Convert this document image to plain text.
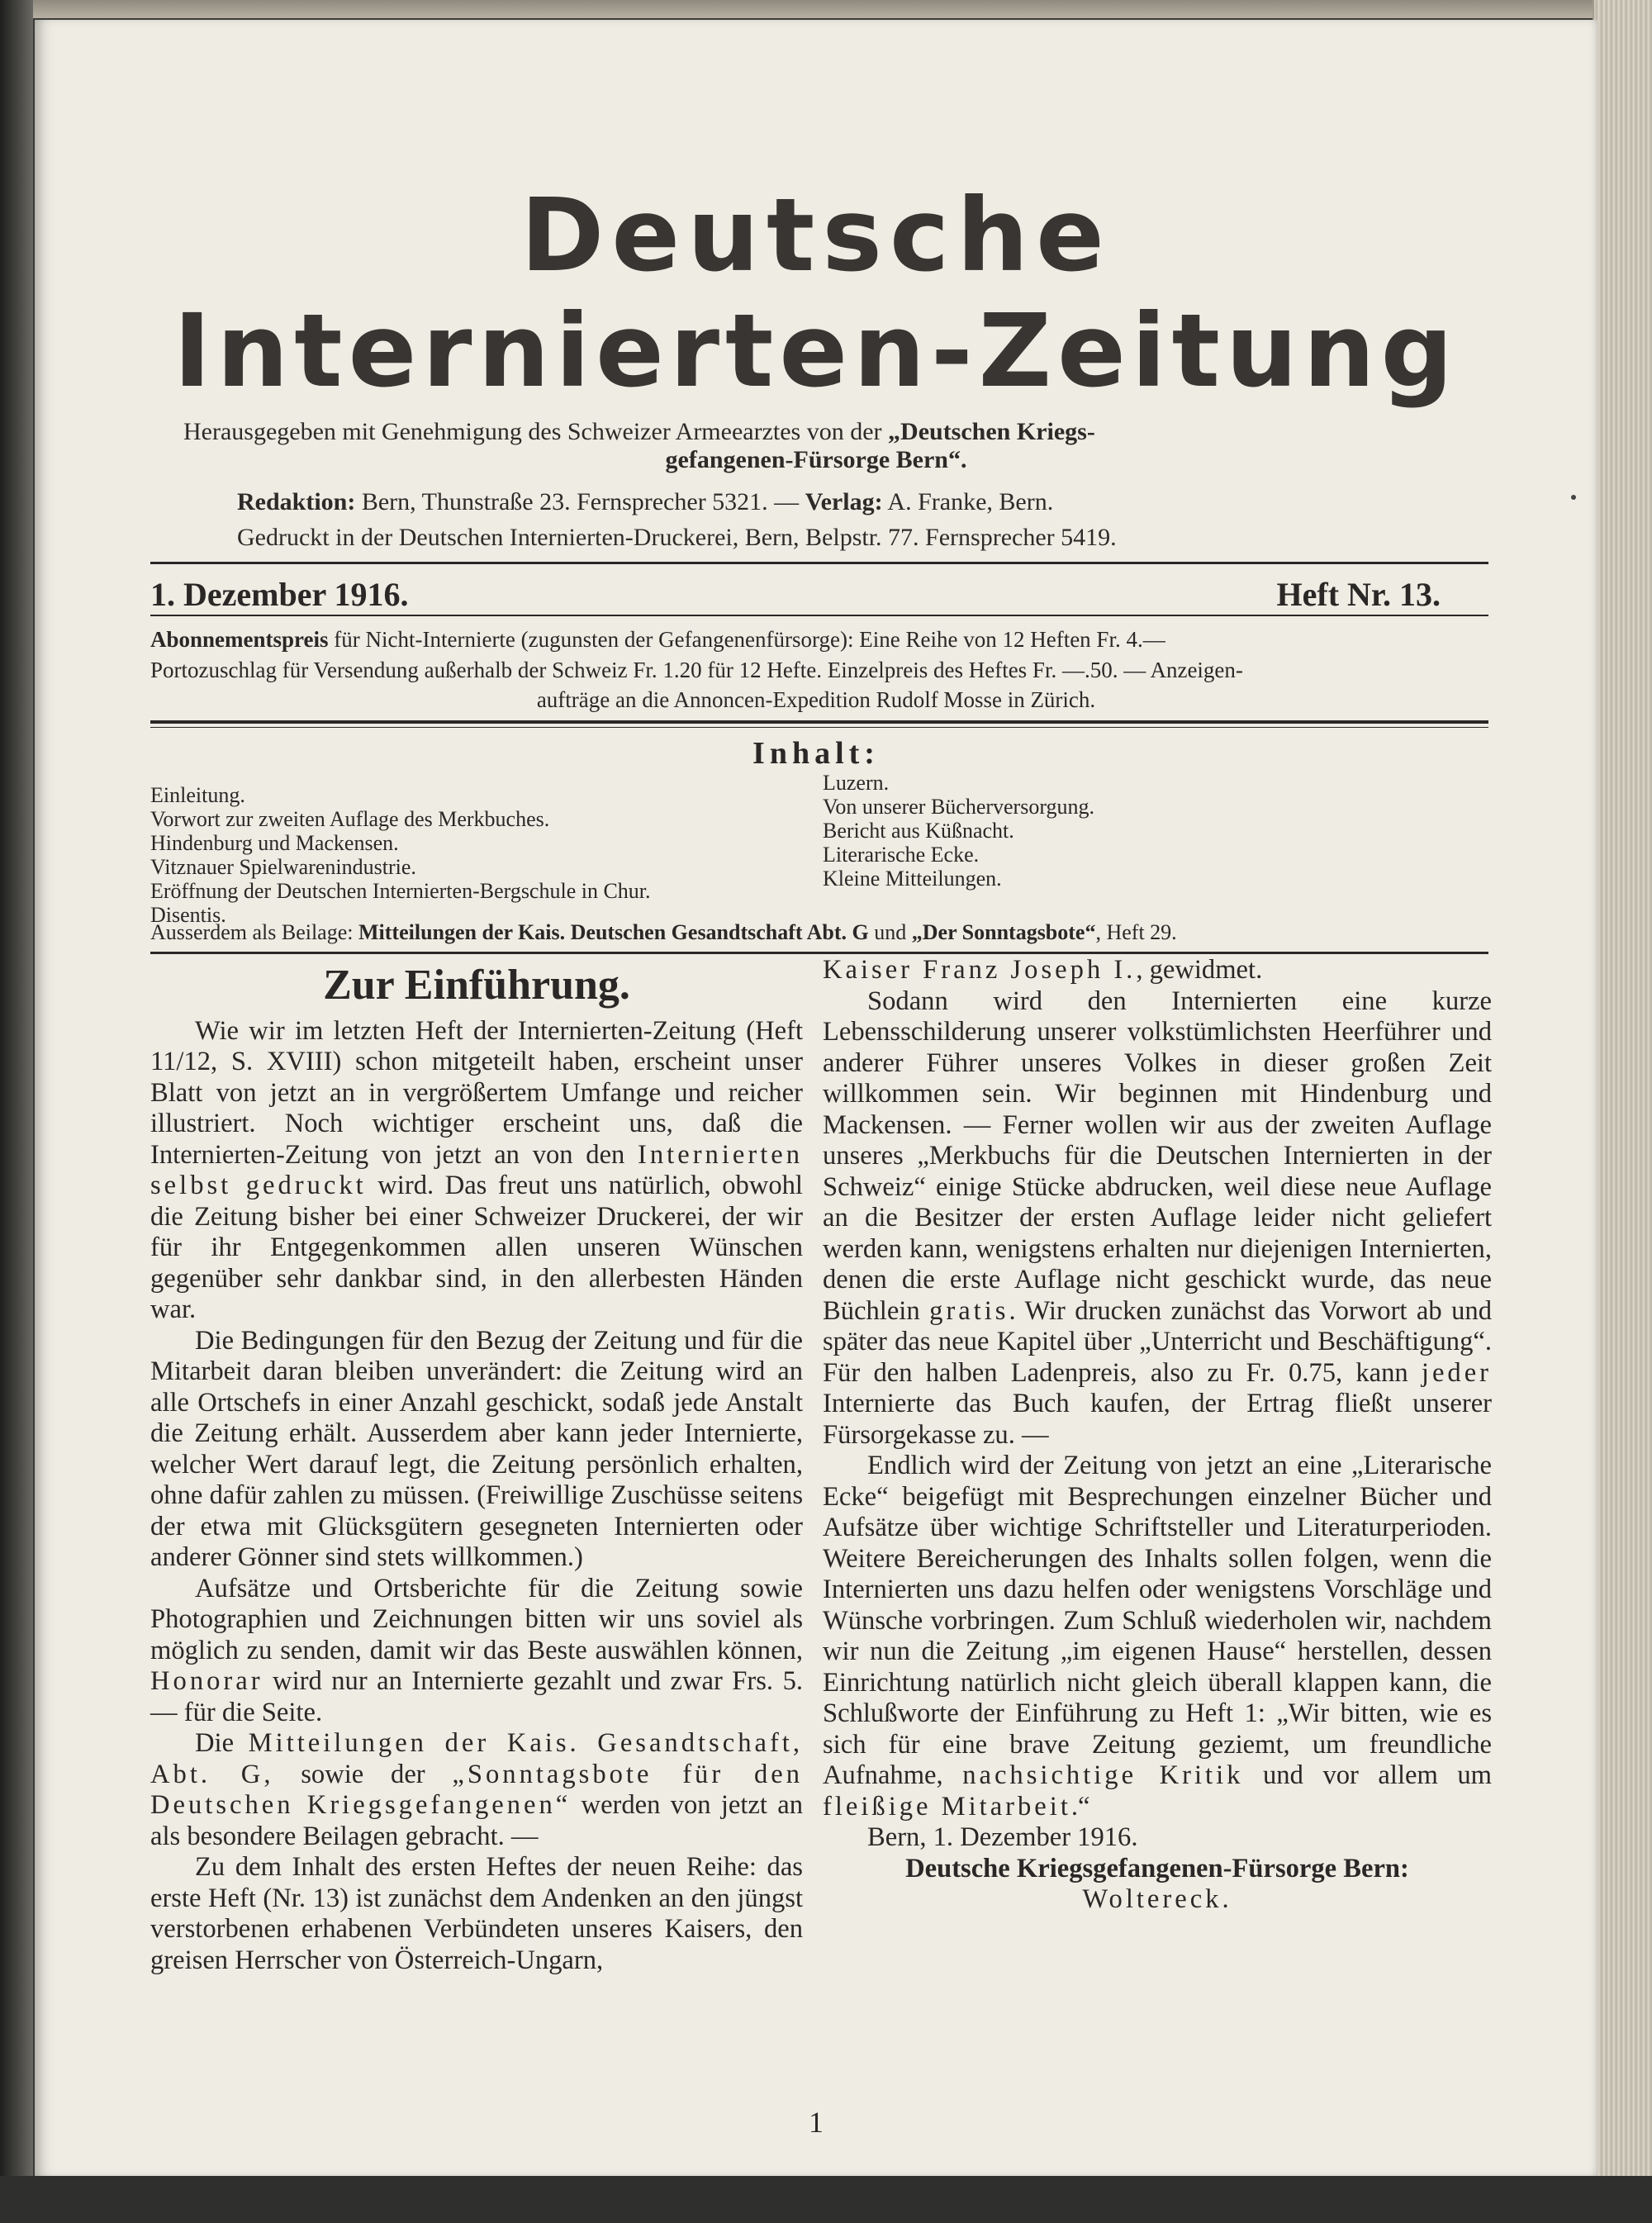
Deutsche
Internierten-Zeitung
Herausgegeben mit Genehmigung des Schweizer Armeearztes von der „Deutschen Kriegs-
gefangenen-Fürsorge Bern“.
Redaktion: Bern, Thunstraße 23. Fernsprecher 5321. — Verlag: A. Franke, Bern.
Gedruckt in der Deutschen Internierten-Druckerei, Bern, Belpstr. 77. Fernsprecher 5419.
1. Dezember 1916.	Heft Nr. 13.
Abonnementspreis für Nicht-Internierte (zugunsten der Gefangenenfürsorge): Eine Reihe von 12 Heften Fr. 4.—
Portozuschlag für Versendung außerhalb der Schweiz Fr. 1.20 für 12 Hefte. Einzelpreis des Heftes Fr. —.50. — Anzeigen-
aufträge an die Annoncen-Expedition Rudolf Mosse in Zürich.
Inhalt:
Einleitung.
Vorwort zur zweiten Auflage des Merkbuches.
Hindenburg und Mackensen.
Vitznauer Spielwarenindustrie.
Eröffnung der Deutschen Internierten-Bergschule in Chur.
Disentis.
Luzern.
Von unserer Bücherversorgung.
Bericht aus Küßnacht.
Literarische Ecke.
Kleine Mitteilungen.
Ausserdem als Beilage: Mitteilungen der Kais. Deutschen Gesandtschaft Abt. G und „Der Sonntagsbote“, Heft 29.
Zur Einführung.

Wie wir im letzten Heft der Internierten-Zeitung (Heft 11/12, S. XVIII) schon mitgeteilt haben, erscheint unser Blatt von jetzt an in vergrößertem Umfange und reicher illustriert. Noch wichtiger erscheint uns, daß die Internierten-Zeitung von jetzt an von den Internierten selbst gedruckt wird. Das freut uns natürlich, obwohl die Zeitung bisher bei einer Schweizer Druckerei, der wir für ihr Entgegenkommen allen unseren Wünschen gegenüber sehr dankbar sind, in den allerbesten Händen war.

Die Bedingungen für den Bezug der Zeitung und für die Mitarbeit daran bleiben unverändert: die Zeitung wird an alle Ortschefs in einer Anzahl geschickt, sodaß jede Anstalt die Zeitung erhält. Ausserdem aber kann jeder Internierte, welcher Wert darauf legt, die Zeitung persönlich erhalten, ohne dafür zahlen zu müssen. (Freiwillige Zuschüsse seitens der etwa mit Glücksgütern gesegneten Internierten oder anderer Gönner sind stets willkommen.)

Aufsätze und Ortsberichte für die Zeitung sowie Photographien und Zeichnungen bitten wir uns soviel als möglich zu senden, damit wir das Beste auswählen können, Honorar wird nur an Internierte gezahlt und zwar Frs. 5.— für die Seite.

Die Mitteilungen der Kais. Gesandtschaft, Abt. G, sowie der „Sonntagsbote für den Deutschen Kriegsgefangenen“ werden von jetzt an als besondere Beilagen gebracht. —

Zu dem Inhalt des ersten Heftes der neuen Reihe: das erste Heft (Nr. 13) ist zunächst dem Andenken an den jüngst verstorbenen erhabenen Verbündeten unseres Kaisers, den greisen Herrscher von Österreich-Ungarn,

Kaiser Franz Joseph I., gewidmet.

Sodann wird den Internierten eine kurze Lebensschilderung unserer volkstümlichsten Heerführer und anderer Führer unseres Volkes in dieser großen Zeit willkommen sein. Wir beginnen mit Hindenburg und Mackensen. — Ferner wollen wir aus der zweiten Auflage unseres „Merkbuchs für die Deutschen Internierten in der Schweiz“ einige Stücke abdrucken, weil diese neue Auflage an die Besitzer der ersten Auflage leider nicht geliefert werden kann, wenigstens erhalten nur diejenigen Internierten, denen die erste Auflage nicht geschickt wurde, das neue Büchlein gratis. Wir drucken zunächst das Vorwort ab und später das neue Kapitel über „Unterricht und Beschäftigung“. Für den halben Ladenpreis, also zu Fr. 0.75, kann jeder Internierte das Buch kaufen, der Ertrag fließt unserer Fürsorgekasse zu. —

Endlich wird der Zeitung von jetzt an eine „Literarische Ecke“ beigefügt mit Besprechungen einzelner Bücher und Aufsätze über wichtige Schriftsteller und Literaturperioden. Weitere Bereicherungen des Inhalts sollen folgen, wenn die Internierten uns dazu helfen oder wenigstens Vorschläge und Wünsche vorbringen. Zum Schluß wiederholen wir, nachdem wir nun die Zeitung „im eigenen Hause“ herstellen, dessen Einrichtung natürlich nicht gleich überall klappen kann, die Schlußworte der Einführung zu Heft 1: „Wir bitten, wie es sich für eine brave Zeitung geziemt, um freundliche Aufnahme, nachsichtige Kritik und vor allem um fleißige Mitarbeit.“

Bern, 1. Dezember 1916.

Deutsche Kriegsgefangenen-Fürsorge Bern:

Woltereck.

1
